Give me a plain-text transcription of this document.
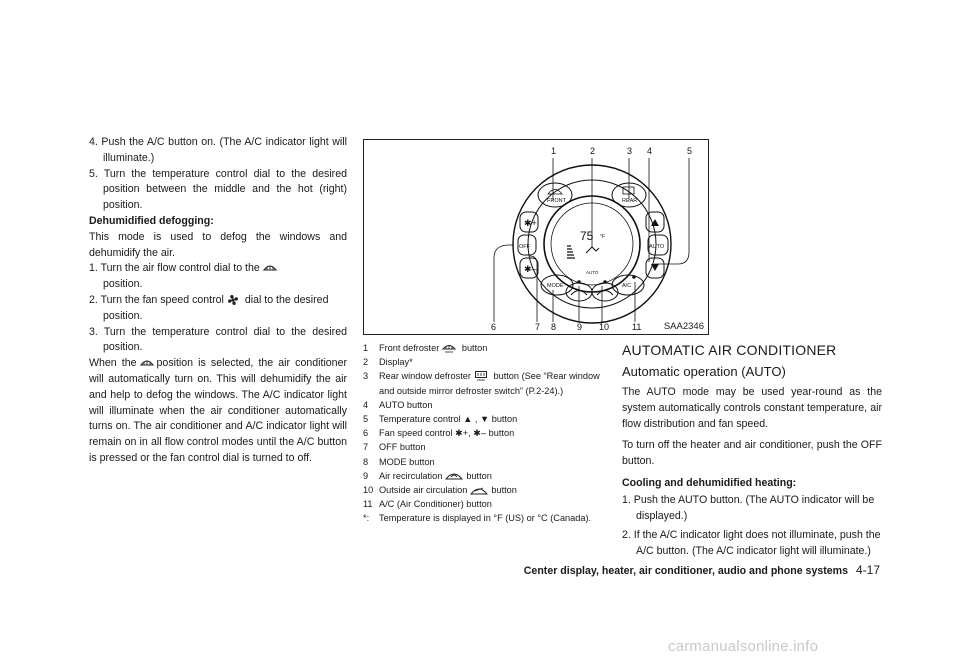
4. Push the A/C button on. (The A/C indicator light will illuminate.)

5. Turn the temperature control dial to the desired position between the middle and the hot (right) position.

Dehumidified defogging:

This mode is used to defog the windows and dehumidify the air.

1. Turn the air flow control dial to the
position.

2. Turn the fan speed control dial to the desired position.

3. Turn the temperature control dial to the desired position.

When the position is selected, the air conditioner will automatically turn on. This will dehumidify the air and help to defog the windows. The A/C indicator light will illuminate when the air conditioner automatically turns on. The air conditioner and A/C indicator light will remain on in all flow control modes until the A/C button is pressed or the fan control dial is turned to off.

1	2	3 4	5
6	7 8 9 10	11
FRONT	REAR
OFF	AUTO
MODE	A/C
✱+
✱–
75 °F
AUTO
SAA2346
1	Front defroster button
2	Display*
3	Rear window defroster button (See “Rear window and outside mirror defroster switch” (P.2-24).)
4	AUTO button
5	Temperature control ▲ , ▼ button
6	Fan speed control ✱+, ✱– button
7	OFF button
8	MODE button
9	Air recirculation	button
10 Outside air circulation	button
11 A/C (Air Conditioner) button
*:	Temperature is displayed in °F (US) or °C (Canada).
AUTOMATIC AIR CONDITIONER
Automatic operation (AUTO)

The AUTO mode may be used year-round as the system automatically controls constant temperature, air flow distribution and fan speed.

To turn off the heater and air conditioner, push the OFF button.

Cooling and dehumidified heating:

1. Push the AUTO button. (The AUTO indicator will be displayed.)

2. If the A/C indicator light does not illuminate, push the A/C button. (The A/C indicator light will illuminate.)

Center display, heater, air conditioner, audio and phone systems 4-17
carmanualsonline.info
